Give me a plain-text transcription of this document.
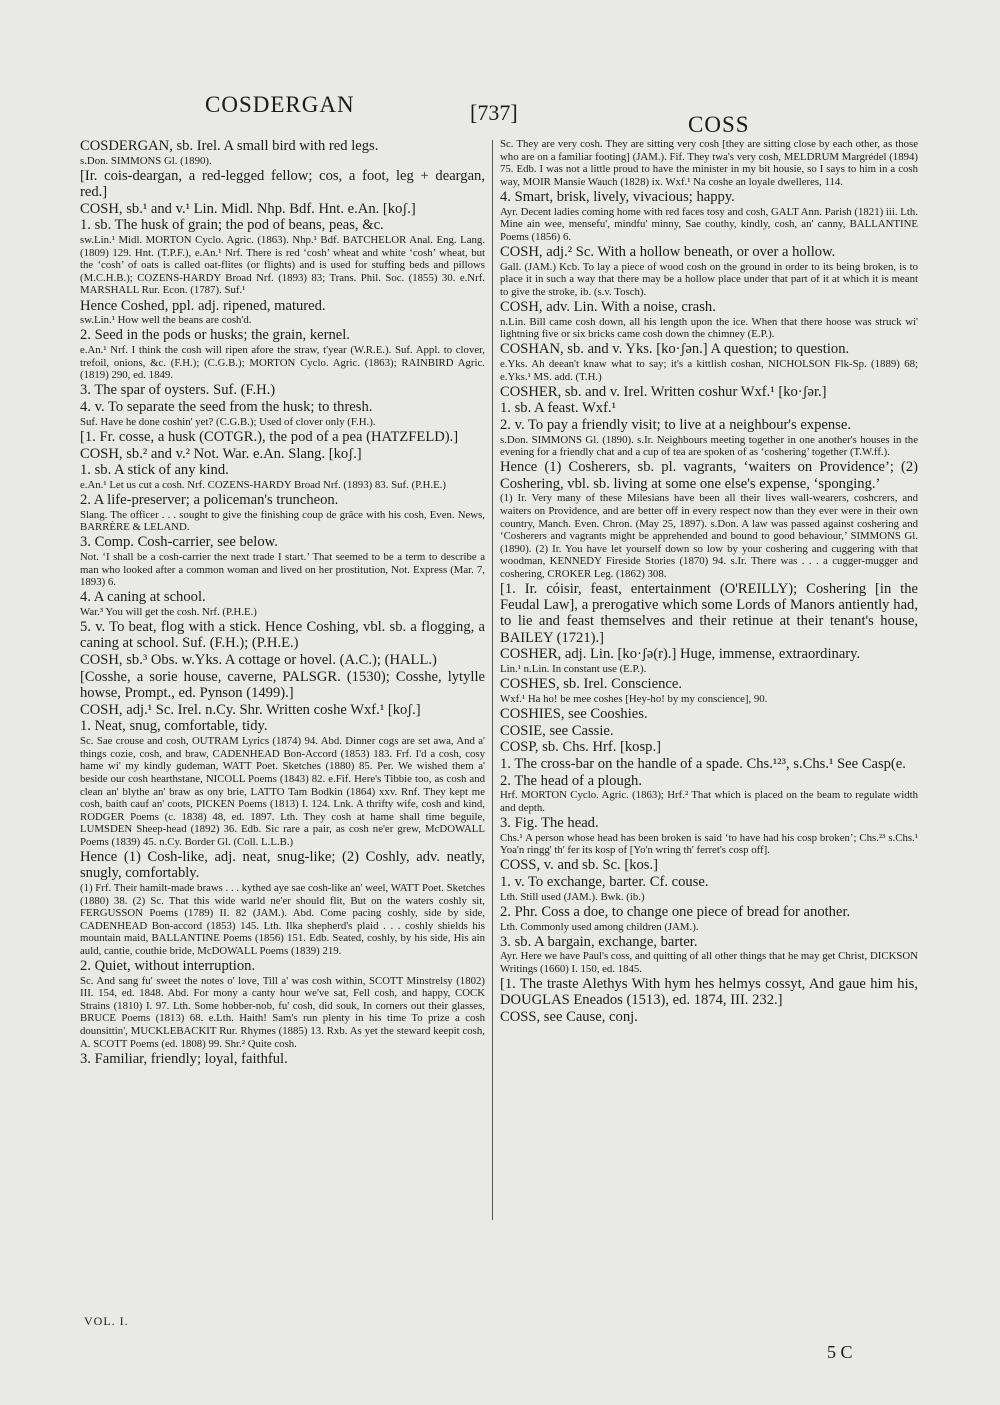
COSDERGAN	[737]	COSS

COSDERGAN, sb. Irel. A small bird with red legs.

s.Don. SIMMONS Gl. (1890).

[Ir. cois-deargan, a red-legged fellow; cos, a foot, leg + deargan, red.]

COSH, sb.¹ and v.¹ Lin. Midl. Nhp. Bdf. Hnt. e.An. [koʃ.]

1. sb. The husk of grain; the pod of beans, peas, &c.

sw.Lin.¹ Midl. MORTON Cyclo. Agric. (1863). Nhp.¹ Bdf. BATCHELOR Anal. Eng. Lang. (1809) 129. Hnt. (T.P.F.), e.An.¹ Nrf. There is red ‘cosh’ wheat and white ‘cosh’ wheat, but the ‘cosh’ of oats is called oat-flites (or flights) and is used for stuffing beds and pillows (M.C.H.B.); COZENS-HARDY Broad Nrf. (1893) 83; Trans. Phil. Soc. (1855) 30. e.Nrf. MARSHALL Rur. Econ. (1787). Suf.¹

Hence Coshed, ppl. adj. ripened, matured.

sw.Lin.¹ How well the beans are cosh'd.

2. Seed in the pods or husks; the grain, kernel.

e.An.¹ Nrf. I think the cosh will ripen afore the straw, t'year (W.R.E.). Suf. Appl. to clover, trefoil, onions, &c. (F.H.); (C.G.B.); MORTON Cyclo. Agric. (1863); RAINBIRD Agric. (1819) 290, ed. 1849.

3. The spar of oysters. Suf. (F.H.)

4. v. To separate the seed from the husk; to thresh.

Suf. Have he done coshin' yet? (C.G.B.); Used of clover only (F.H.).

[1. Fr. cosse, a husk (COTGR.), the pod of a pea (HATZFELD).]

COSH, sb.² and v.² Not. War. e.An. Slang. [koʃ.]

1. sb. A stick of any kind.

e.An.¹ Let us cut a cosh. Nrf. COZENS-HARDY Broad Nrf. (1893) 83. Suf. (P.H.E.)

2. A life-preserver; a policeman's truncheon.

Slang. The officer . . . sought to give the finishing coup de grâce with his cosh, Even. News, BARRÈRE & LELAND.

3. Comp. Cosh-carrier, see below.

Not. ‘I shall be a cosh-carrier the next trade I start.’ That seemed to be a term to describe a man who looked after a common woman and lived on her prostitution, Not. Express (Mar. 7, 1893) 6.

4. A caning at school.

War.³ You will get the cosh. Nrf. (P.H.E.)

5. v. To beat, flog with a stick. Hence Coshing, vbl. sb. a flogging, a caning at school. Suf. (F.H.); (P.H.E.)

COSH, sb.³ Obs. w.Yks. A cottage or hovel. (A.C.); (HALL.)

[Cosshe, a sorie house, caverne, PALSGR. (1530); Cosshe, lytylle howse, Prompt., ed. Pynson (1499).]

COSH, adj.¹ Sc. Irel. n.Cy. Shr. Written coshe Wxf.¹ [koʃ.]

1. Neat, snug, comfortable, tidy.

Sc. Sae crouse and cosh, OUTRAM Lyrics (1874) 94. Abd. Dinner cogs are set awa, And a' things cozie, cosh, and braw, CADENHEAD Bon-Accord (1853) 183. Frf. I'd a cosh, cosy hame wi' my kindly gudeman, WATT Poet. Sketches (1880) 85. Per. We wished them a' beside our cosh hearthstane, NICOLL Poems (1843) 82. e.Fif. Here's Tibbie too, as cosh and clean an' blythe an' braw as ony brie, LATTO Tam Bodkin (1864) xxv. Rnf. They kept me cosh, baith cauf an' coots, PICKEN Poems (1813) I. 124. Lnk. A thrifty wife, cosh and kind, RODGER Poems (c. 1838) 48, ed. 1897. Lth. They cosh at hame shall time beguile, LUMSDEN Sheep-head (1892) 36. Edb. Sic rare a pair, as cosh ne'er grew, McDOWALL Poems (1839) 45. n.Cy. Border Gl. (Coll. L.L.B.)

Hence (1) Cosh-like, adj. neat, snug-like; (2) Coshly, adv. neatly, snugly, comfortably.

(1) Frf. Their hamilt-made braws . . . kythed aye sae cosh-like an' weel, WATT Poet. Sketches (1880) 38. (2) Sc. That this wide warld ne'er should flit, But on the waters coshly sit, FERGUSSON Poems (1789) II. 82 (JAM.). Abd. Come pacing coshly, side by side, CADENHEAD Bon-accord (1853) 145. Lth. Ilka shepherd's plaid . . . coshly shields his mountain maid, BALLANTINE Poems (1856) 151. Edb. Seated, coshly, by his side, His ain auld, cantie, couthie bride, McDOWALL Poems (1839) 219.

2. Quiet, without interruption.

Sc. And sang fu' sweet the notes o' love, Till a' was cosh within, SCOTT Minstrelsy (1802) III. 154, ed. 1848. Abd. For mony a canty hour we've sat, Fell cosh, and happy, COCK Strains (1810) I. 97. Lth. Some hobber-nob, fu' cosh, did souk, In corners out their glasses, BRUCE Poems (1813) 68. e.Lth. Haith! Sam's run plenty in his time To prize a cosh dounsittin', MUCKLEBACKIT Rur. Rhymes (1885) 13. Rxb. As yet the steward keepit cosh, A. SCOTT Poems (ed. 1808) 99. Shr.² Quite cosh.

3. Familiar, friendly; loyal, faithful.

Sc. They are very cosh. They are sitting very cosh [they are sitting close by each other, as those who are on a familiar footing] (JAM.). Fif. They twa's very cosh, MELDRUM Margrédel (1894) 75. Edb. I was not a little proud to have the minister in my bit housie, so I says to him in a cosh way, MOIR Mansie Wauch (1828) ix. Wxf.¹ Na coshe an loyale dwelleres, 114.

4. Smart, brisk, lively, vivacious; happy.

Ayr. Decent ladies coming home with red faces tosy and cosh, GALT Ann. Parish (1821) iii. Lth. Mine ain wee, mensefu', mindfu' minny, Sae couthy, kindly, cosh, an' canny, BALLANTINE Poems (1856) 6.

COSH, adj.² Sc. With a hollow beneath, or over a hollow.

Gall. (JAM.) Kcb. To lay a piece of wood cosh on the ground in order to its being broken, is to place it in such a way that there may be a hollow place under that part of it at which it is meant to give the stroke, ib. (s.v. Tosch).

COSH, adv. Lin. With a noise, crash.

n.Lin. Bill came cosh down, all his length upon the ice. When that there hoose was struck wi' lightning five or six bricks came cosh down the chimney (E.P.).

COSHAN, sb. and v. Yks. [ko·ʃən.] A question; to question.

e.Yks. Ah deean't knaw what to say; it's a kittlish coshan, NICHOLSON Flk-Sp. (1889) 68; e.Yks.¹ MS. add. (T.H.)

COSHER, sb. and v. Irel. Written coshur Wxf.¹ [ko·ʃər.]

1. sb. A feast. Wxf.¹

2. v. To pay a friendly visit; to live at a neighbour's expense.

s.Don. SIMMONS Gl. (1890). s.Ir. Neighbours meeting together in one another's houses in the evening for a friendly chat and a cup of tea are spoken of as ‘coshering’ together (T.W.ff.).

Hence (1) Cosherers, sb. pl. vagrants, ‘waiters on Providence’; (2) Coshering, vbl. sb. living at some one else's expense, ‘sponging.’

(1) Ir. Very many of these Milesians have been all their lives wall-wearers, coshcrers, and waiters on Providence, and are better off in every respect now than they ever were in their own country, Manch. Even. Chron. (May 25, 1897). s.Don. A law was passed against coshering and ‘Cosherers and vagrants might be apprehended and bound to good behaviour,’ SIMMONS Gl. (1890). (2) Ir. You have let yourself down so low by your coshering and cuggering with that woodman, KENNEDY Fireside Stories (1870) 94. s.Ir. There was . . . a cugger-mugger and coshering, CROKER Leg. (1862) 308.

[1. Ir. cóisir, feast, entertainment (O'REILLY); Coshering [in the Feudal Law], a prerogative which some Lords of Manors antiently had, to lie and feast themselves and their retinue at their tenant's house, BAILEY (1721).]

COSHER, adj. Lin. [ko·ʃə(r).] Huge, immense, extraordinary.

Lin.¹ n.Lin. In constant use (E.P.).

COSHES, sb. Irel. Conscience.

Wxf.¹ Ha ho! be mee coshes [Hey-ho! by my conscience], 90.

COSHIES, see Cooshies.

COSIE, see Cassie.

COSP, sb. Chs. Hrf. [kosp.]

1. The cross-bar on the handle of a spade. Chs.¹²³, s.Chs.¹ See Casp(e.

2. The head of a plough.

Hrf. MORTON Cyclo. Agric. (1863); Hrf.² That which is placed on the beam to regulate width and depth.

3. Fig. The head.

Chs.¹ A person whose head has been broken is said ‘to have had his cosp broken’; Chs.²³ s.Chs.¹ Yoa'n ringg' th' fer its kosp of [Yo'n wring th' ferret's cosp off].

COSS, v. and sb. Sc. [kos.]

1. v. To exchange, barter. Cf. couse.

Lth. Still used (JAM.). Bwk. (ib.)

2. Phr. Coss a doe, to change one piece of bread for another.

Lth. Commonly used among children (JAM.).

3. sb. A bargain, exchange, barter.

Ayr. Here we have Paul's coss, and quitting of all other things that he may get Christ, DICKSON Writings (1660) I. 150, ed. 1845.

[1. The traste Alethys With hym hes helmys cossyt, And gaue him his, DOUGLAS Eneados (1513), ed. 1874, III. 232.]

COSS, see Cause, conj.

VOL. I.
5 C
